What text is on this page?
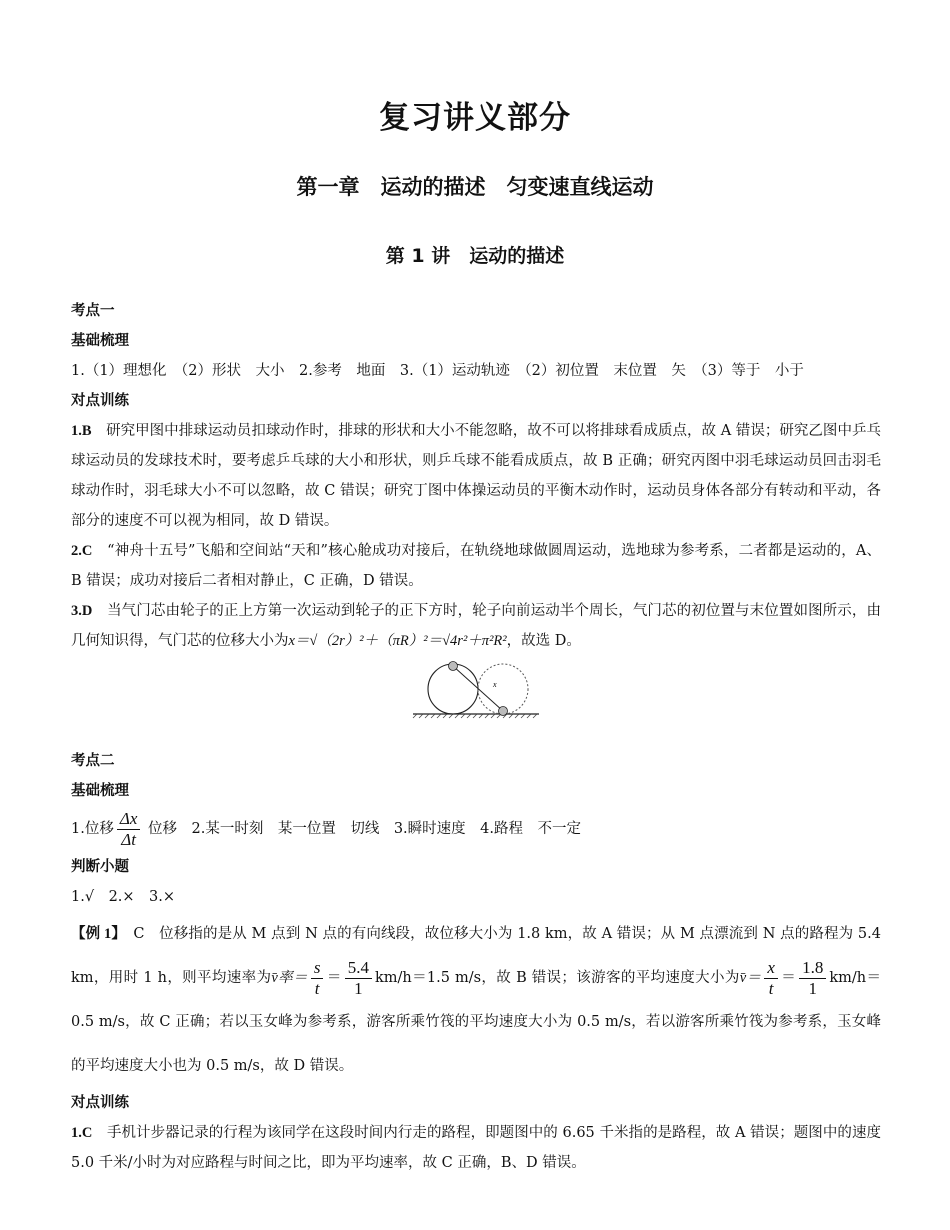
复习讲义部分
第一章　运动的描述　匀变速直线运动
第 1 讲　运动的描述
考点一
基础梳理
1.（1）理想化　（2）形状　大小　2.参考　地面　3.（1）运动轨迹　（2）初位置　末位置　矢　（3）等于　小于
对点训练
1.B　研究甲图中排球运动员扣球动作时，排球的形状和大小不能忽略，故不可以将排球看成质点，故 A 错误；研究乙图中乒乓球运动员的发球技术时，要考虑乒乓球的大小和形状，则乒乓球不能看成质点，故 B 正确；研究丙图中羽毛球运动员回击羽毛球动作时，羽毛球大小不可以忽略，故 C 错误；研究丁图中体操运动员的平衡木动作时，运动员身体各部分有转动和平动，各部分的速度不可以视为相同，故 D 错误。
2.C　“神舟十五号”飞船和空间站“天和”核心舱成功对接后，在轨绕地球做圆周运动，选地球为参考系，二者都是运动的，A、B 错误；成功对接后二者相对静止，C 正确，D 错误。
3.D　当气门芯由轮子的正上方第一次运动到轮子的正下方时，轮子向前运动半个周长，气门芯的初位置与末位置如图所示，由几何知识得，气门芯的位移大小为x＝√（2r）²＋（πR）²＝√4r²＋π²R²，故选 D。
x
考点二
基础梳理
1.位移 $\frac{\Delta x}{\Delta t}$ 位移　2.某一时刻　某一位置　切线　3.瞬时速度　4.路程　不一定
判断小题
1.√　2.×　3.×
【例 1】　C　位移指的是从 M 点到 N 点的有向线段，故位移大小为 1.8 km，故 A 错误；从 M 点漂流到 N 点的路程为 5.4 km，用时 1 h，则平均速率为v̄率＝ $\frac{s}{t} = \frac{5.4}{1} km/h=1.5$ m/s，故 B 错误；该游客的平均速度大小为v̄＝ $\frac{x}{t} = \frac{1.8}{1} km/h=0.5$ m/s，故 C 正确；若以玉女峰为参考系，游客所乘竹筏的平均速度大小为 0.5 m/s，若以游客所乘竹筏为参考系，玉女峰的平均速度大小也为 0.5 m/s，故 D 错误。
对点训练
1.C　手机计步器记录的行程为该同学在这段时间内行走的路程，即题图中的 6.65 千米指的是路程，故 A 错误；题图中的速度 5.0 千米/小时为对应路程与时间之比，即为平均速率，故 C 正确，B、D 错误。
